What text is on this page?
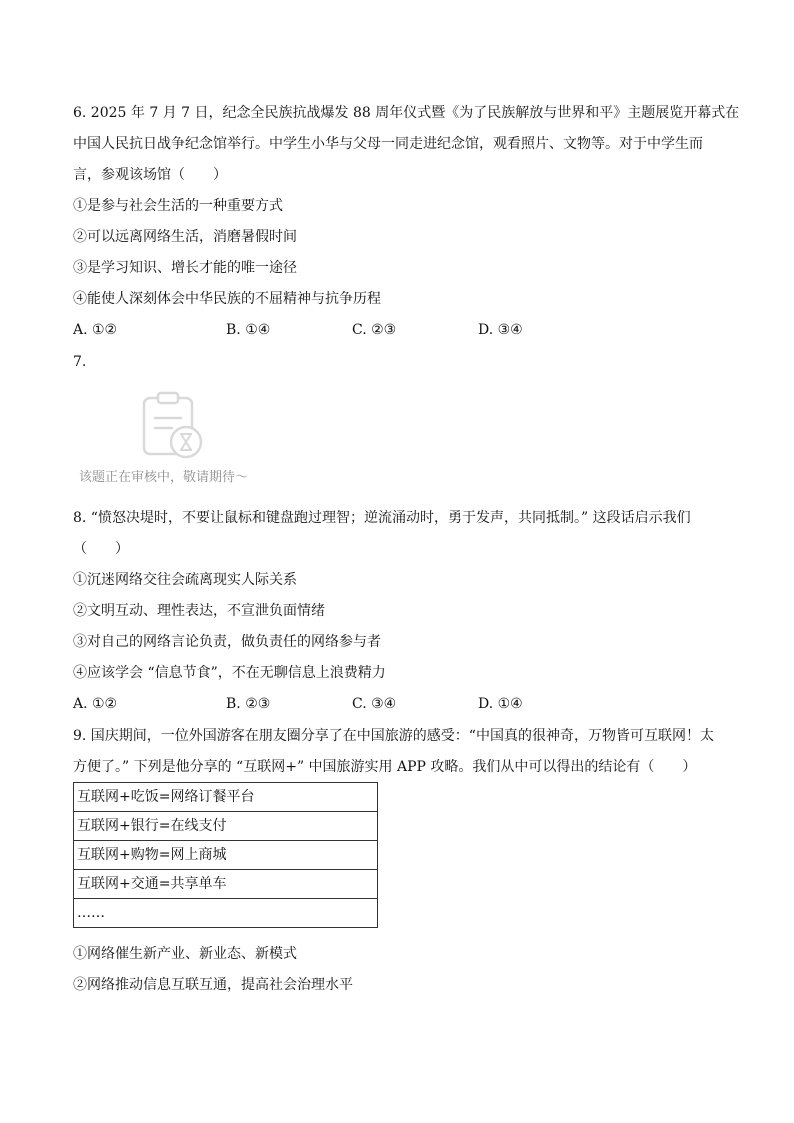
6. 2025 年 7 月 7 日，纪念全民族抗战爆发 88 周年仪式暨《为了民族解放与世界和平》主题展览开幕式在
中国人民抗日战争纪念馆举行。中学生小华与父母一同走进纪念馆，观看照片、文物等。对于中学生而
言，参观该场馆（　　）
①是参与社会生活的一种重要方式
②可以远离网络生活，消磨暑假时间
③是学习知识、增长才能的唯一途径
④能使人深刻体会中华民族的不屈精神与抗争历程
A. ①②	B. ①④	C. ②③	D. ③④
7.
该题正在审核中，敬请期待～
8. “愤怒决堤时，不要让鼠标和键盘跑过理智；逆流涌动时，勇于发声，共同抵制。” 这段话启示我们
（　　）
①沉迷网络交往会疏离现实人际关系
②文明互动、理性表达，不宣泄负面情绪
③对自己的网络言论负责，做负责任的网络参与者
④应该学会 “信息节食”，不在无聊信息上浪费精力
A. ①②	B. ②③	C. ③④	D. ①④
9. 国庆期间，一位外国游客在朋友圈分享了在中国旅游的感受：“中国真的很神奇，万物皆可互联网！太
方便了。” 下列是他分享的 “互联网+” 中国旅游实用 APP 攻略。我们从中可以得出的结论有（　　）
互联网+吃饭=网络订餐平台
互联网+银行=在线支付
互联网+购物=网上商城
互联网+交通=共享单车
……
①网络催生新产业、新业态、新模式
②网络推动信息互联互通，提高社会治理水平
